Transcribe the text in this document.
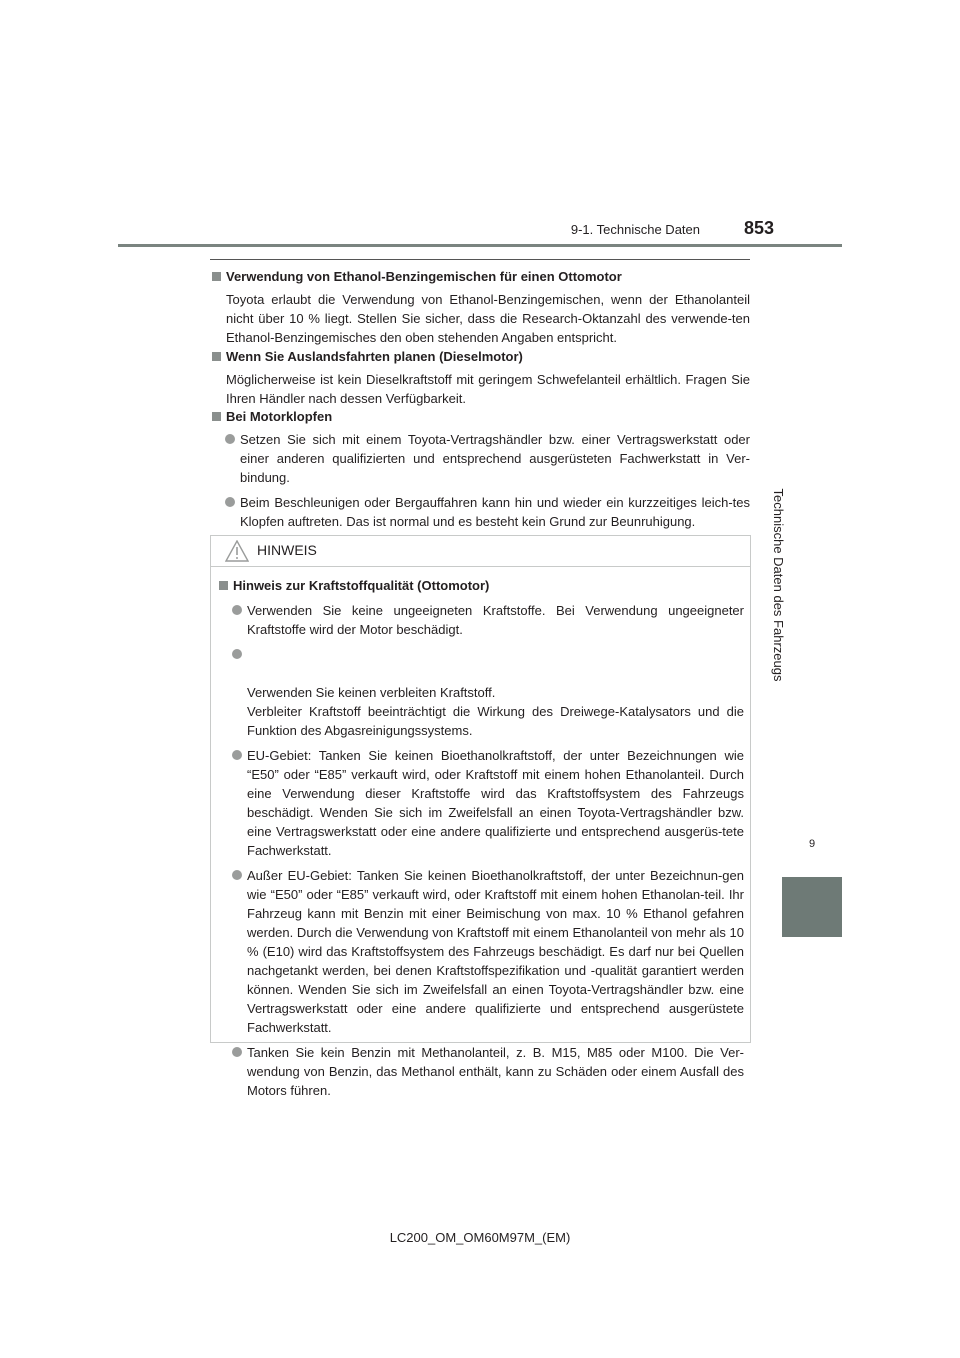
9-1. Technische Daten	853
Technische Daten des Fahrzeugs
9
Verwendung von Ethanol-Benzingemischen für einen Ottomotor
Toyota erlaubt die Verwendung von Ethanol-Benzingemischen, wenn der Ethanolanteil nicht über 10 % liegt. Stellen Sie sicher, dass die Research-Oktanzahl des verwende-ten Ethanol-Benzingemisches den oben stehenden Angaben entspricht.
Wenn Sie Auslandsfahrten planen (Dieselmotor)
Möglicherweise ist kein Dieselkraftstoff mit geringem Schwefelanteil erhältlich. Fragen Sie Ihren Händler nach dessen Verfügbarkeit.
Bei Motorklopfen
Setzen Sie sich mit einem Toyota-Vertragshändler bzw. einer Vertragswerkstatt oder einer anderen qualifizierten und entsprechend ausgerüsteten Fachwerkstatt in Ver-bindung.
Beim Beschleunigen oder Bergauffahren kann hin und wieder ein kurzzeitiges leich-tes Klopfen auftreten. Das ist normal und es besteht kein Grund zur Beunruhigung.
HINWEIS
Hinweis zur Kraftstoffqualität (Ottomotor)
Verwenden Sie keine ungeeigneten Kraftstoffe. Bei Verwendung ungeeigneter Kraftstoffe wird der Motor beschädigt.

Verwenden Sie keinen verbleiten Kraftstoff.
Verbleiter Kraftstoff beeinträchtigt die Wirkung des Dreiwege-Katalysators und die Funktion des Abgasreinigungssystems.

EU-Gebiet: Tanken Sie keinen Bioethanolkraftstoff, der unter Bezeichnungen wie “E50” oder “E85” verkauft wird, oder Kraftstoff mit einem hohen Ethanolanteil. Durch eine Verwendung dieser Kraftstoffe wird das Kraftstoffsystem des Fahrzeugs beschädigt. Wenden Sie sich im Zweifelsfall an einen Toyota-Vertragshändler bzw. eine Vertragswerkstatt oder eine andere qualifizierte und entsprechend ausgerüs-tete Fachwerkstatt.
Außer EU-Gebiet: Tanken Sie keinen Bioethanolkraftstoff, der unter Bezeichnun-gen wie “E50” oder “E85” verkauft wird, oder Kraftstoff mit einem hohen Ethanolan-teil. Ihr Fahrzeug kann mit Benzin mit einer Beimischung von max. 10 % Ethanol gefahren werden. Durch die Verwendung von Kraftstoff mit einem Ethanolanteil von mehr als 10 % (E10) wird das Kraftstoffsystem des Fahrzeugs beschädigt. Es darf nur bei Quellen nachgetankt werden, bei denen Kraftstoffspezifikation und -qualität garantiert werden können. Wenden Sie sich im Zweifelsfall an einen Toyota-Vertragshändler bzw. eine Vertragswerkstatt oder eine andere qualifizierte und entsprechend ausgerüstete Fachwerkstatt.
Tanken Sie kein Benzin mit Methanolanteil, z. B. M15, M85 oder M100. Die Ver-wendung von Benzin, das Methanol enthält, kann zu Schäden oder einem Ausfall des Motors führen.
LC200_OM_OM60M97M_(EM)
